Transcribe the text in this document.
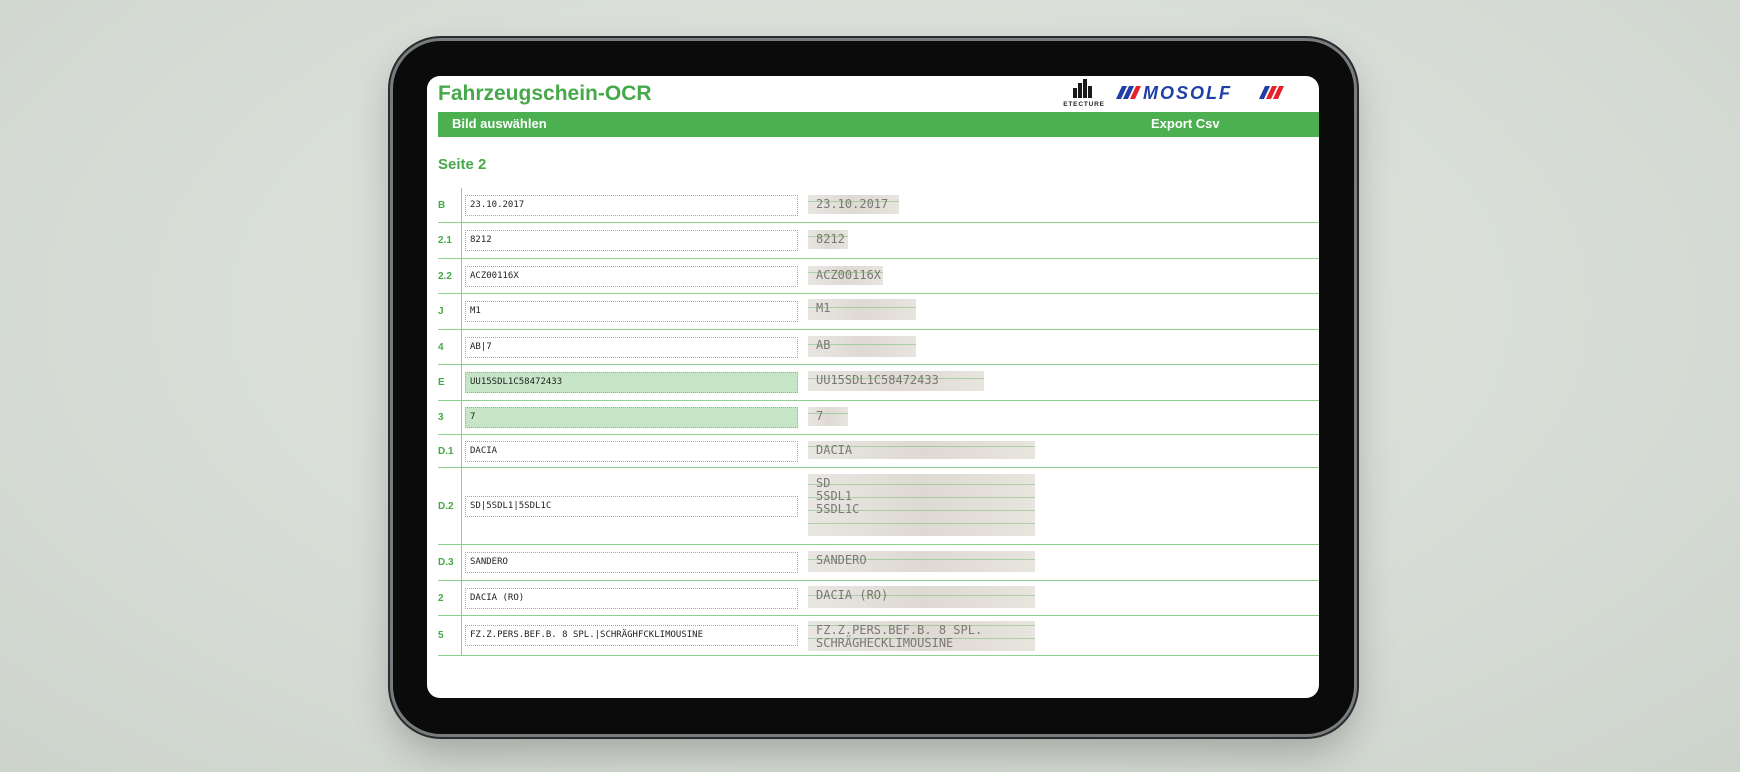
Fahrzeugschein-OCR	ETECTURE
MOSOLF
Bild auswählen	Export Csv
Seite 2
B	23.10.2017	23.10.2017
2.1	8212	8212
2.2	ACZ00116X	ACZ00116X
J	M1	M1
4	AB|7	AB
E	UU15SDL1C58472433	UU15SDL1C58472433
3	7	7
D.1	DACIA	DACIA
D.2	SD|5SDL1|5SDL1C
SD
5SDL1
5SDL1C
D.3	SANDERO	SANDERO
2	DACIA (RO)	DACIA (RO)
5	FZ.Z.PERS.BEF.B. 8 SPL.|SCHRÄGHFCKLIMOUSINE	FZ.Z.PERS.BEF.B. 8 SPL.
SCHRÄGHECKLIMOUSINE
